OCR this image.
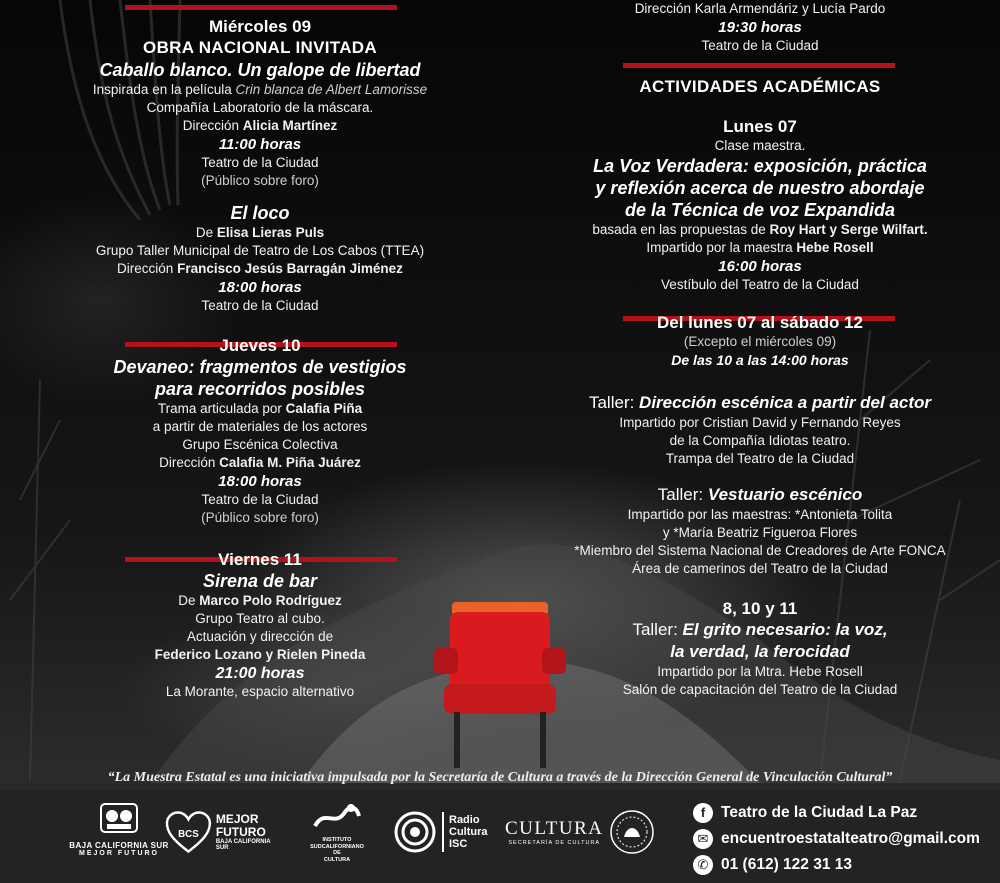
Miércoles 09

OBRA NACIONAL INVITADA

Caballo blanco. Un galope de libertad

Inspirada en la película Crin blanca de Albert Lamorisse

Compañía Laboratorio de la máscara.

Dirección Alicia Martínez

11:00 horas

Teatro de la Ciudad

(Público sobre foro)

El loco

De Elisa Lieras Puls

Grupo Taller Municipal de Teatro de Los Cabos (TTEA)

Dirección Francisco Jesús Barragán Jiménez

18:00 horas

Teatro de la Ciudad

Jueves 10

Devaneo: fragmentos de vestigios

para recorridos posibles

Trama articulada por Calafia Piña

a partir de materiales de los actores

Grupo Escénica Colectiva

Dirección Calafia M. Piña Juárez

18:00 horas

Teatro de la Ciudad

(Público sobre foro)

Viernes 11

Sirena de bar

De Marco Polo Rodríguez

Grupo Teatro al cubo.

Actuación y dirección de

Federico Lozano y Rielen Pineda

21:00 horas

La Morante, espacio alternativo

Dirección Karla Armendáriz y Lucía Pardo

19:30 horas

Teatro de la Ciudad

ACTIVIDADES ACADÉMICAS

Lunes 07

Clase maestra.

La Voz Verdadera: exposición, práctica

y reflexión acerca de nuestro abordaje

de la Técnica de voz Expandida

basada en las propuestas de Roy Hart y Serge Wilfart.

Impartido por la maestra Hebe Rosell

16:00 horas

Vestíbulo del Teatro de la Ciudad

Del lunes 07 al sábado 12

(Excepto el miércoles 09)

De las 10 a las 14:00 horas

Taller: Dirección escénica a partir del actor

Impartido por Cristian David y Fernando Reyes

de la Compañía Idiotas teatro.

Trampa del Teatro de la Ciudad

Taller: Vestuario escénico

Impartido por las maestras: *Antonieta Tolita

y *María Beatriz Figueroa Flores

*Miembro del Sistema Nacional de Creadores de Arte FONCA

Área de camerinos del Teatro de la Ciudad

8, 10 y 11

Taller: El grito necesario: la voz,

la verdad, la ferocidad

Impartido por la Mtra. Hebe Rosell

Salón de capacitación del Teatro de la Ciudad

“La Muestra Estatal es una iniciativa impulsada por la Secretaría de Cultura a través de la Dirección General de Vinculación Cultural”
BAJA CALIFORNIA SUR
MEJOR FUTURO
BCS
MEJOR
FUTURO
BAJA CALIFORNIA SUR
INSTITUTO
SUDCALIFORNIANO
DE
CULTURA
Radio
Cultura
ISC
CULTURA
SECRETARÍA DE CULTURA
f	Teatro de la Ciudad La Paz
✉ encuentroestatalteatro@gmail.com
✆ 01 (612) 122 31 13
